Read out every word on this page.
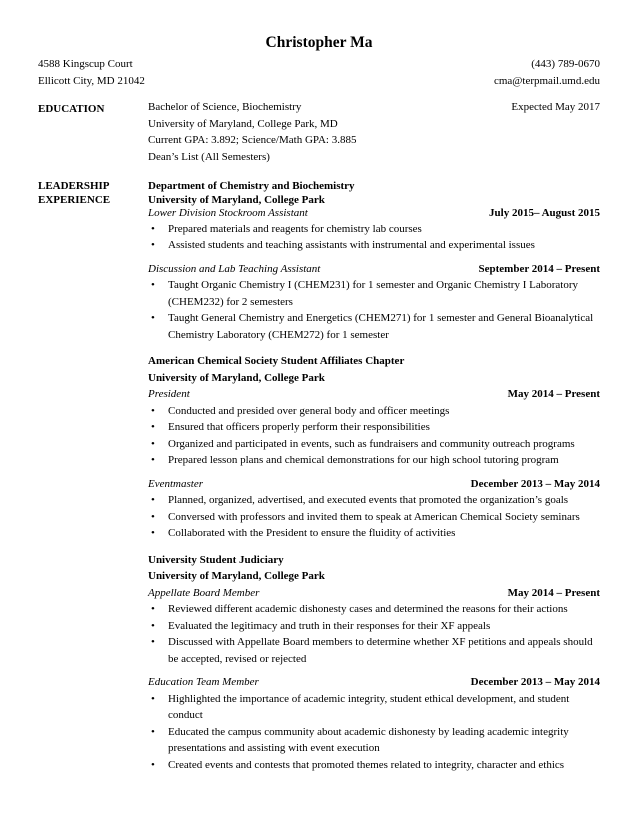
Christopher Ma
4588 Kingscup Court	(443) 789-0670
Ellicott City, MD 21042	cma@terpmail.umd.edu
EDUCATION	Bachelor of Science, Biochemistry	Expected May 2017
University of Maryland, College Park, MD
Current GPA: 3.892; Science/Math GPA: 3.885
Dean’s List (All Semesters)
LEADERSHIP
EXPERIENCE
Department of Chemistry and Biochemistry
University of Maryland, College Park
Lower Division Stockroom Assistant	July 2015– August 2015
• Prepared materials and reagents for chemistry lab courses
• Assisted students and teaching assistants with instrumental and experimental issues
Discussion and Lab Teaching Assistant	September 2014 – Present
• Taught Organic Chemistry I (CHEM231) for 1 semester and Organic Chemistry I Laboratory (CHEM232) for 2 semesters
• Taught General Chemistry and Energetics (CHEM271) for 1 semester and General Bioanalytical Chemistry Laboratory (CHEM272) for 1 semester
American Chemical Society Student Affiliates Chapter
University of Maryland, College Park
President	May 2014 – Present
• Conducted and presided over general body and officer meetings
• Ensured that officers properly perform their responsibilities
• Organized and participated in events, such as fundraisers and community outreach programs
• Prepared lesson plans and chemical demonstrations for our high school tutoring program
Eventmaster	December 2013 – May 2014
• Planned, organized, advertised, and executed events that promoted the organization’s goals
• Conversed with professors and invited them to speak at American Chemical Society seminars
• Collaborated with the President to ensure the fluidity of activities
University Student Judiciary
University of Maryland, College Park
Appellate Board Member	May 2014 – Present
• Reviewed different academic dishonesty cases and determined the reasons for their actions
• Evaluated the legitimacy and truth in their responses for their XF appeals
• Discussed with Appellate Board members to determine whether XF petitions and appeals should be accepted, revised or rejected
Education Team Member	December 2013 – May 2014
• Highlighted the importance of academic integrity, student ethical development, and student conduct
• Educated the campus community about academic dishonesty by leading academic integrity presentations and assisting with event execution
• Created events and contests that promoted themes related to integrity, character and ethics
